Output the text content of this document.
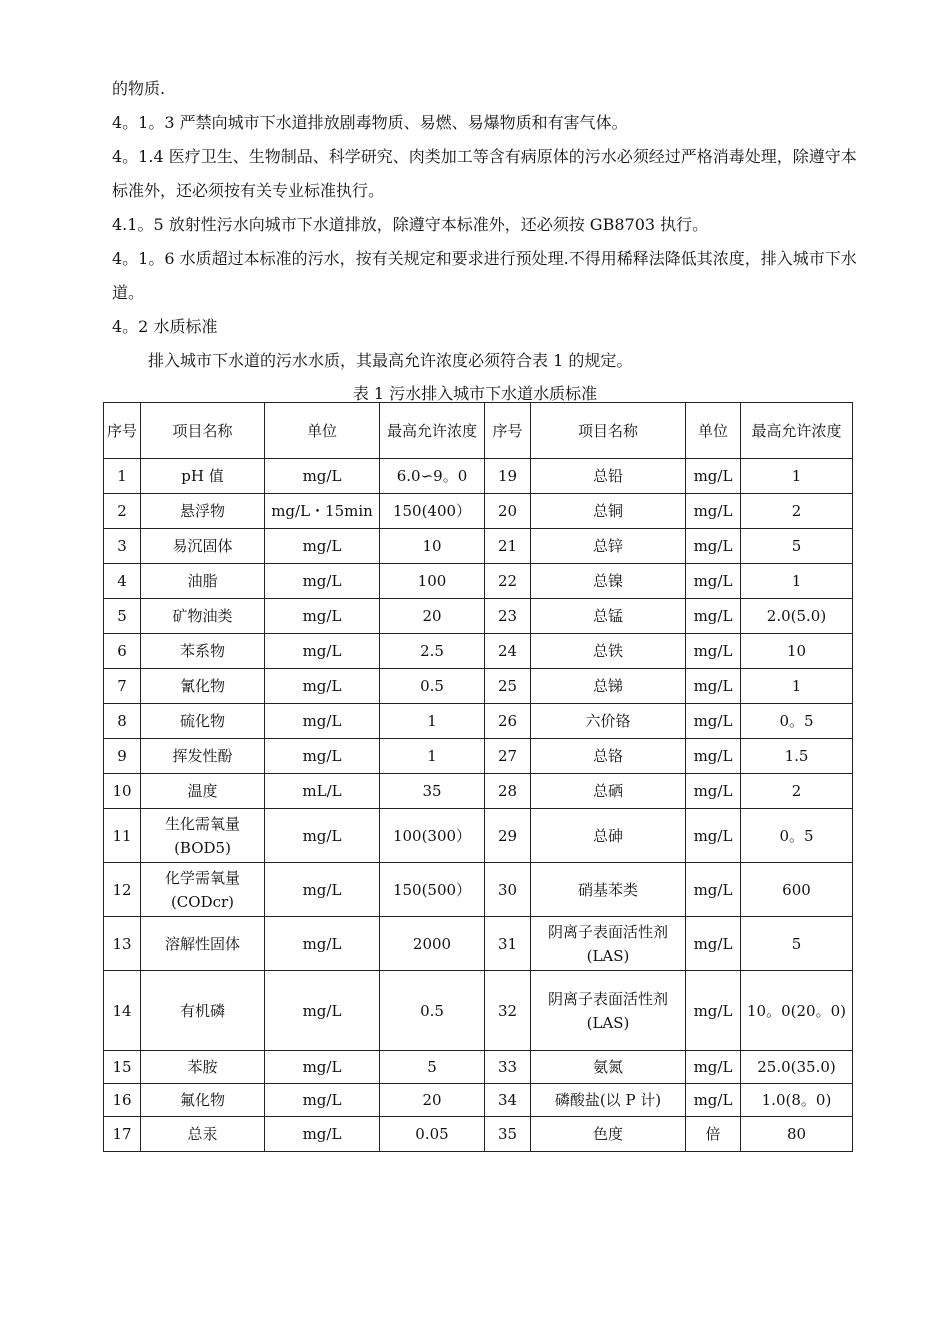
的物质.

4。1。3 严禁向城市下水道排放剧毒物质、易燃、易爆物质和有害气体。

4。1.4 医疗卫生、生物制品、科学研究、肉类加工等含有病原体的污水必须经过严格消毒处理，除遵守本标准外，还必须按有关专业标准执行。

4.1。5 放射性污水向城市下水道排放，除遵守本标准外，还必须按 GB8703 执行。

4。1。6 水质超过本标准的污水，按有关规定和要求进行预处理.不得用稀释法降低其浓度，排入城市下水道。

4。2 水质标准

排入城市下水道的污水水质，其最高允许浓度必须符合表 1 的规定。

表 1 污水排入城市下水道水质标准
序号	项目名称	单位	最高允许浓度	序号	项目名称	单位	最高允许浓度
1	pH 值	mg/L	6.0∽9。0	19	总铅	mg/L	1
2	悬浮物	mg/L・15min	150(400）	20	总铜	mg/L	2
3	易沉固体	mg/L	10	21	总锌	mg/L	5
4	油脂	mg/L	100	22	总镍	mg/L	1
5	矿物油类	mg/L	20	23	总锰	mg/L	2.0(5.0)
6	苯系物	mg/L	2.5	24	总铁	mg/L	10
7	氰化物	mg/L	0.5	25	总锑	mg/L	1
8	硫化物	mg/L	1	26	六价铬	mg/L	0。5
9	挥发性酚	mg/L	1	27	总铬	mg/L	1.5
10	温度	mL/L	35	28	总硒	mg/L	2
11	生化需氧量(BOD5)	mg/L	100(300）	29	总砷	mg/L	0。5
12	化学需氧量(CODcr)	mg/L	150(500）	30	硝基苯类	mg/L	600
13	溶解性固体	mg/L	2000	31	阴离子表面活性剂(LAS)	mg/L	5
14	有机磷	mg/L	0.5	32	阴离子表面活性剂(LAS)	mg/L	10。0(20。0)
15	苯胺	mg/L	5	33	氨氮	mg/L	25.0(35.0)
16	氟化物	mg/L	20	34	磷酸盐(以 P 计)	mg/L	1.0(8。0)
17	总汞	mg/L	0.05	35	色度	倍	80
